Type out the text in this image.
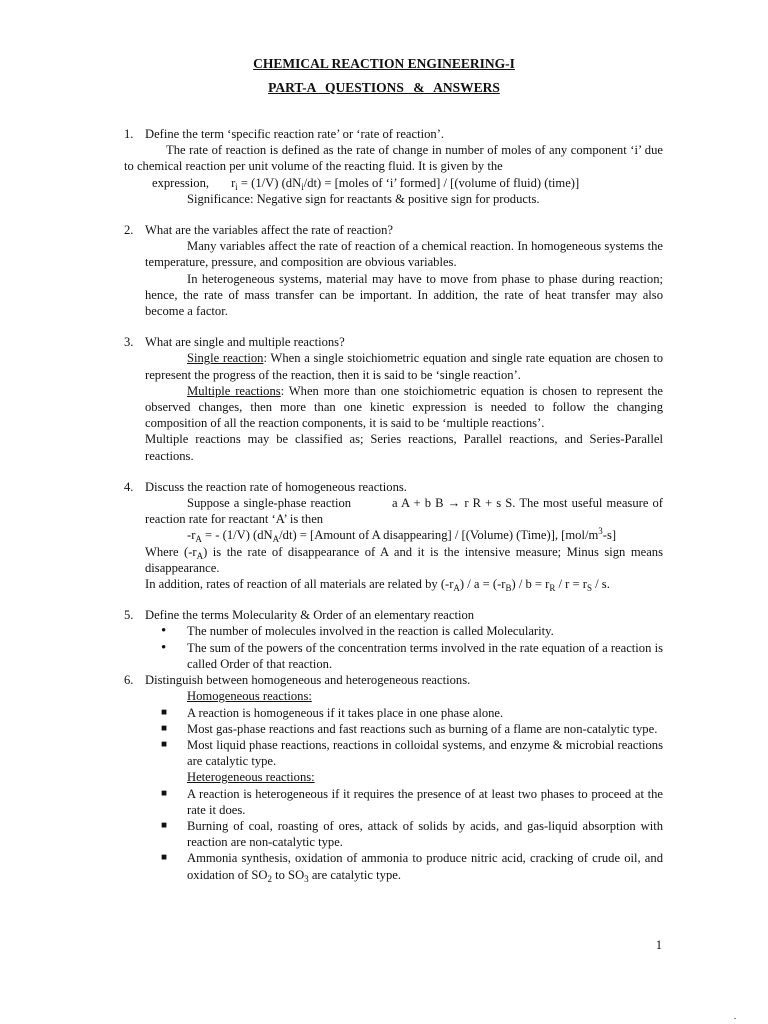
CHEMICAL REACTION ENGINEERING-I
PART-A QUESTIONS & ANSWERS
1. Define the term ‘specific reaction rate’ or ‘rate of reaction’.

The rate of reaction is defined as the rate of change in number of moles of any component ‘i’ due to chemical reaction per unit volume of the reacting fluid. It is given by the

expression, $r_i = (1/V) (dN_i/dt)$ = [moles of ‘i’ formed] / [(volume of fluid) (time)]

Significance: Negative sign for reactants & positive sign for products.

2. What are the variables affect the rate of reaction?

Many variables affect the rate of reaction of a chemical reaction. In homogeneous systems the temperature, pressure, and composition are obvious variables.

In heterogeneous systems, material may have to move from phase to phase during reaction; hence, the rate of mass transfer can be important. In addition, the rate of heat transfer may also become a factor.

3. What are single and multiple reactions?

Single reaction: When a single stoichiometric equation and single rate equation are chosen to represent the progress of the reaction, then it is said to be ‘single reaction’.

Multiple reactions: When more than one stoichiometric equation is chosen to represent the observed changes, then more than one kinetic expression is needed to follow the changing composition of all the reaction components, it is said to be ‘multiple reactions’.

Multiple reactions may be classified as; Series reactions, Parallel reactions, and Series-Parallel reactions.

4. Discuss the reaction rate of homogeneous reactions.

Suppose a single-phase reaction	a A + b B → r R + s S. The most useful measure of reaction rate for reactant ‘A’ is then

$-r_A$ = - (1/V) $(dN_A/dt)$ = [Amount of A disappearing] / [(Volume) (Time)], $[mol/m^3-s]$

Where $(-r_A)$ is the rate of disappearance of A and it is the intensive measure; Minus sign means disappearance.

In addition, rates of reaction of all materials are related by $(-r_A) / a = (-r_B) / b = r_R / r = r_S / s$.

5. Define the terms Molecularity & Order of an elementary reaction

• The number of molecules involved in the reaction is called Molecularity.
• The sum of the powers of the concentration terms involved in the rate equation of a reaction is called Order of that reaction.
6. Distinguish between homogeneous and heterogeneous reactions.

Homogeneous reactions:

■ A reaction is homogeneous if it takes place in one phase alone.
■ Most gas-phase reactions and fast reactions such as burning of a flame are non-catalytic type.
■ Most liquid phase reactions, reactions in colloidal systems, and enzyme & microbial reactions are catalytic type.

Heterogeneous reactions:

■ A reaction is heterogeneous if it requires the presence of at least two phases to proceed at the rate it does.
■ Burning of coal, roasting of ores, attack of solids by acids, and gas-liquid absorption with reaction are non-catalytic type.
■ Ammonia synthesis, oxidation of ammonia to produce nitric acid, cracking of crude oil, and oxidation of $SO_2$ to $SO_3$ are catalytic type.
1
